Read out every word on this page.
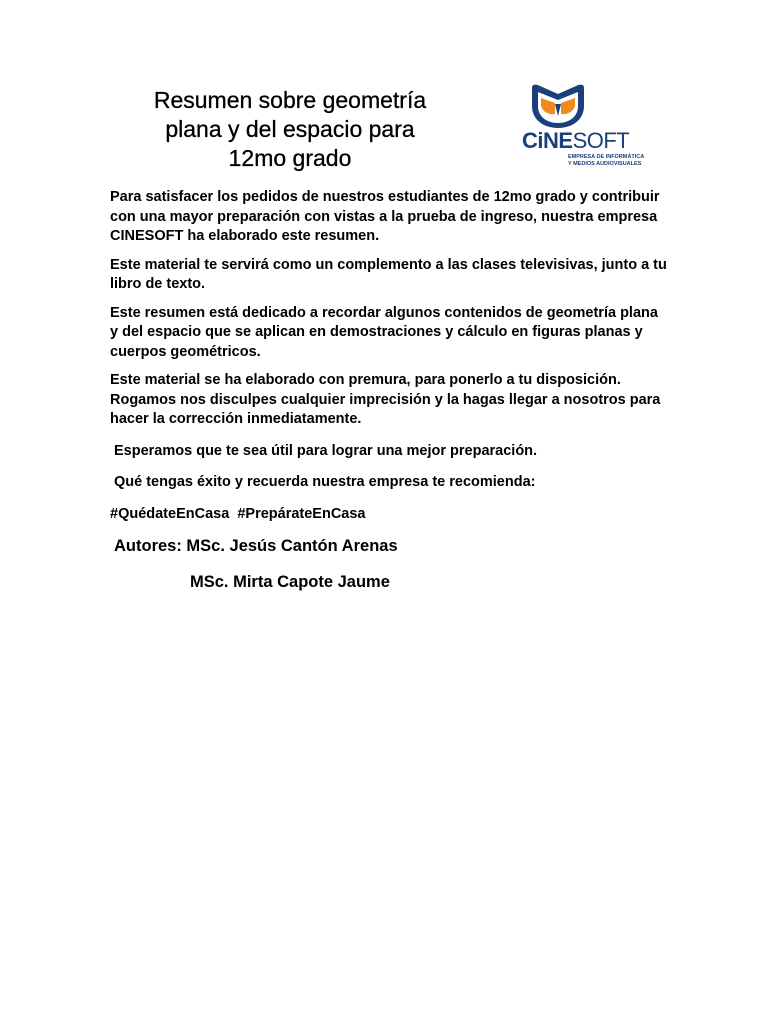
Resumen sobre geometría
plana y del espacio para
12mo grado
CiNESOFT
EMPRESA DE INFORMÁTICA
Y MEDIOS AUDIOVISUALES

Para satisfacer los pedidos de nuestros estudiantes de 12mo grado y contribuir con una mayor preparación con vistas a la prueba de ingreso, nuestra empresa CINESOFT ha elaborado este resumen.

Este material te servirá como un complemento a las clases televisivas, junto a tu libro de texto.

Este resumen está dedicado a recordar algunos contenidos de geometría plana y del espacio que se aplican en demostraciones y cálculo en figuras planas y cuerpos geométricos.

Este material se ha elaborado con premura, para ponerlo a tu disposición. Rogamos nos disculpes cualquier imprecisión y la hagas llegar a nosotros para hacer la corrección inmediatamente.

Esperamos que te sea útil para lograr una mejor preparación.

Qué tengas éxito y recuerda nuestra empresa te recomienda:

#QuédateEnCasa  #PrepárateEnCasa

Autores: MSc. Jesús Cantón Arenas

MSc. Mirta Capote Jaume
